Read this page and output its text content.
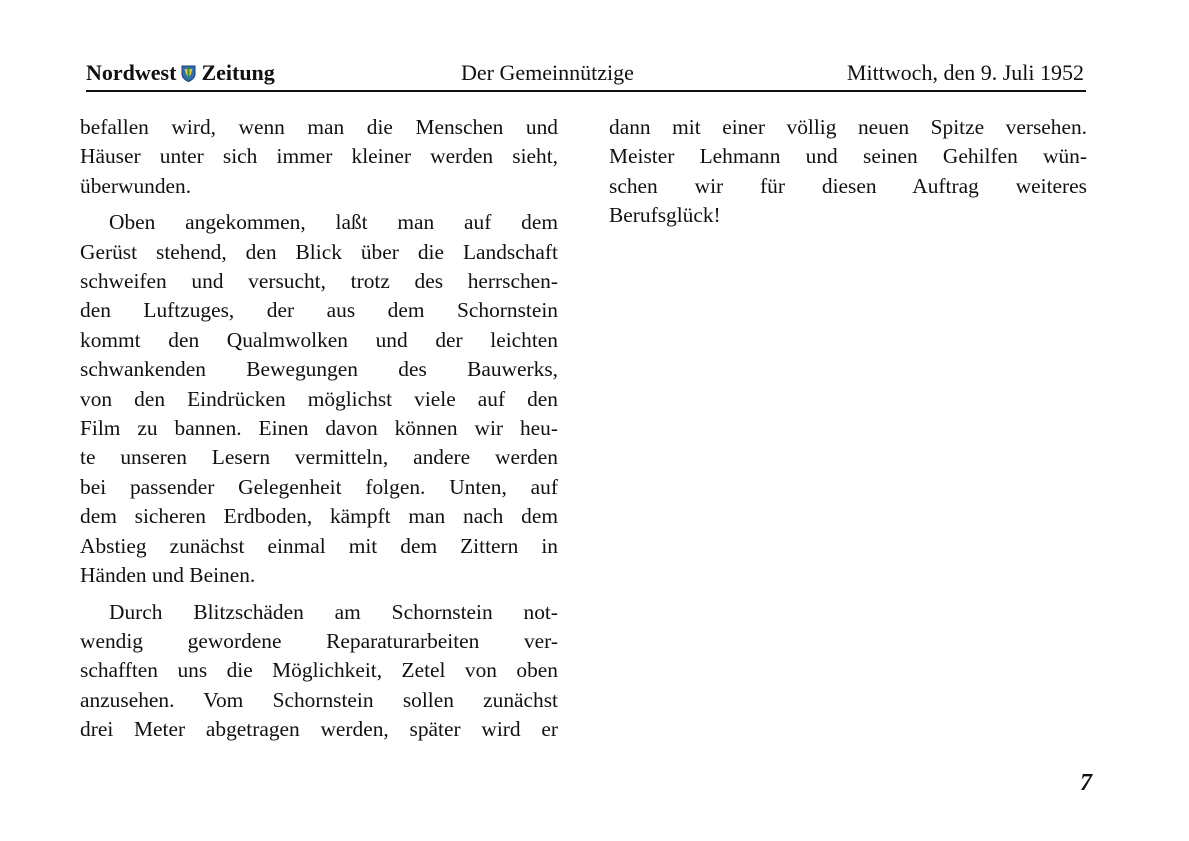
Nordwest Zeitung	Der Gemeinnützige	Mittwoch, den 9. Juli 1952
befallen wird, wenn man die Menschen und
Häuser unter sich immer kleiner werden sieht,
überwunden.
Oben angekommen, laßt man auf dem
Gerüst stehend, den Blick über die Landschaft
schweifen und versucht, trotz des herrschen-
den Luftzuges, der aus dem Schornstein
kommt den Qualmwolken und der leichten
schwankenden Bewegungen des Bauwerks,
von den Eindrücken möglichst viele auf den
Film zu bannen. Einen davon können wir heu-
te unseren Lesern vermitteln, andere werden
bei passender Gelegenheit folgen. Unten, auf
dem sicheren Erdboden, kämpft man nach dem
Abstieg zunächst einmal mit dem Zittern in
Händen und Beinen.
Durch Blitzschäden am Schornstein not-
wendig gewordene Reparaturarbeiten ver-
schafften uns die Möglichkeit, Zetel von oben
anzusehen. Vom Schornstein sollen zunächst
drei Meter abgetragen werden, später wird er
dann mit einer völlig neuen Spitze versehen.
Meister Lehmann und seinen Gehilfen wün-
schen wir für diesen Auftrag weiteres
Berufsglück!
7
